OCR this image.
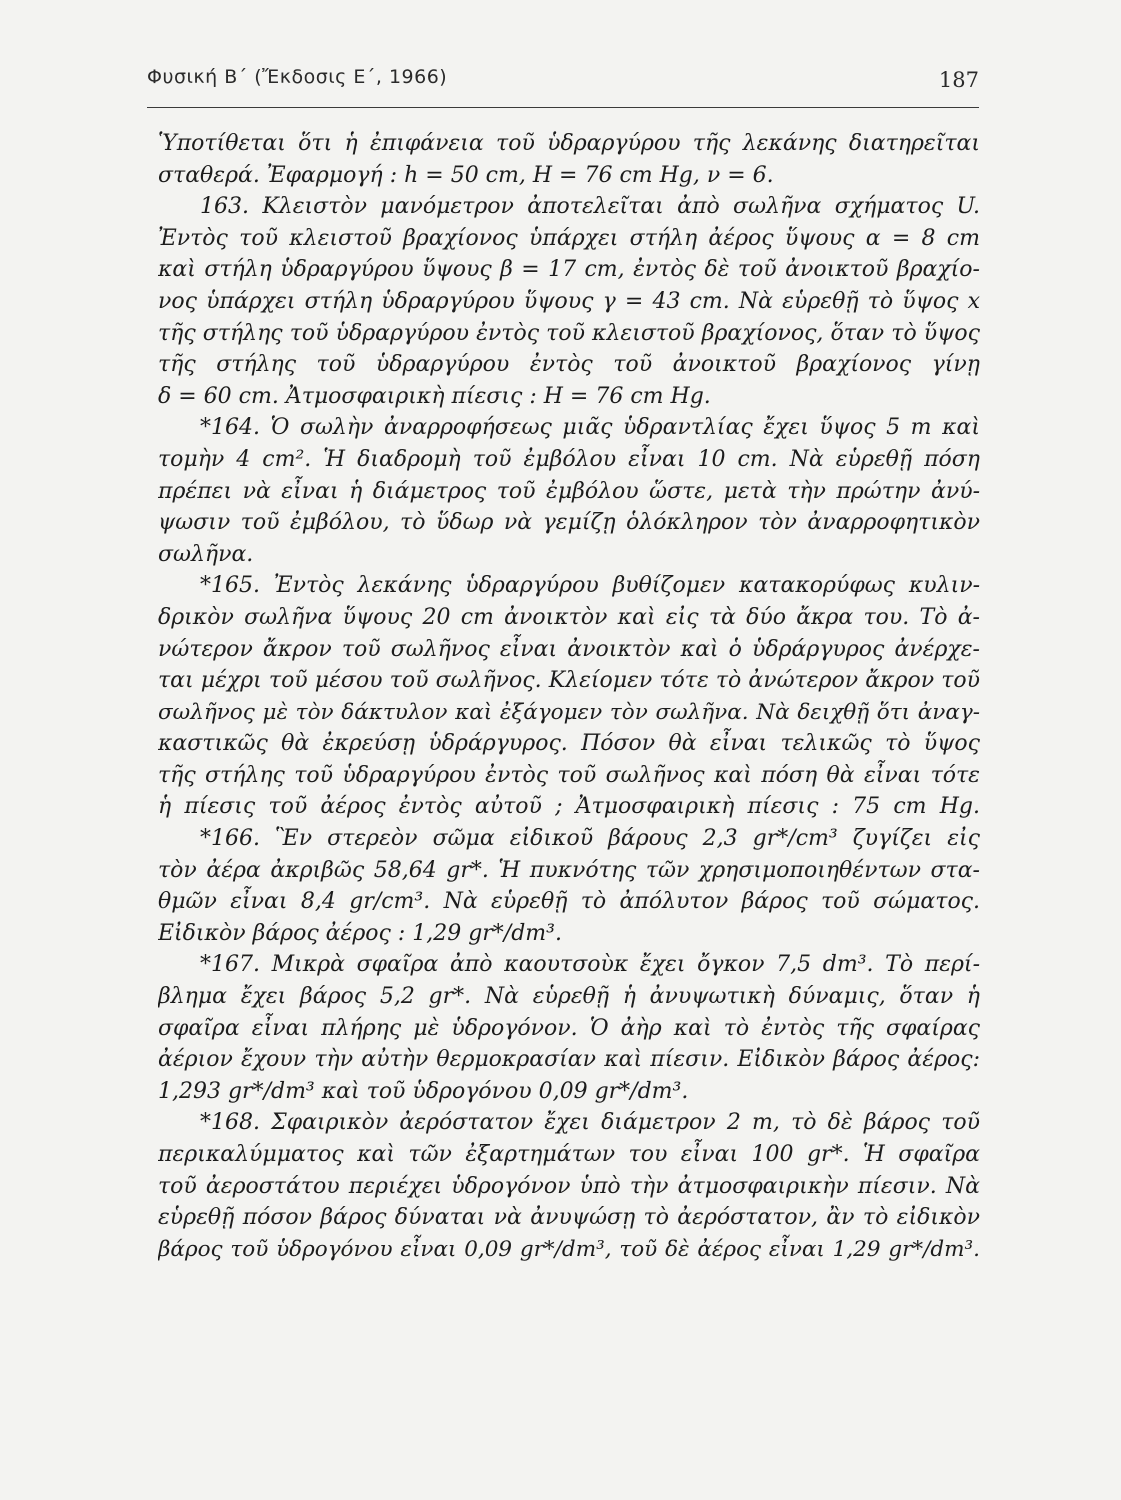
Φυσική Β΄ (Ἔκδοσις Ε΄, 1966)	187
Ὑποτίθεται ὅτι ἡ ἐπιφάνεια τοῦ ὑδραργύρου τῆς λεκάνης διατηρεῖται
σταθερά. Ἐφαρμογή : h = 50 cm, H = 76 cm Hg, ν = 6.
163. Κλειστὸν μανόμετρον ἀποτελεῖται ἀπὸ σωλῆνα σχήματος U.
Ἐντὸς τοῦ κλειστοῦ βραχίονος ὑπάρχει στήλη ἀέρος ὕψους α = 8 cm
καὶ στήλη ὑδραργύρου ὕψους β = 17 cm, ἐντὸς δὲ τοῦ ἀνοικτοῦ βραχίο-
νος ὑπάρχει στήλη ὑδραργύρου ὕψους γ = 43 cm. Νὰ εὑρεθῇ τὸ ὕψος x
τῆς στήλης τοῦ ὑδραργύρου ἐντὸς τοῦ κλειστοῦ βραχίονος, ὅταν τὸ ὕψος
τῆς στήλης τοῦ ὑδραργύρου ἐντὸς τοῦ ἀνοικτοῦ βραχίονος γίνῃ
δ = 60 cm. Ἀτμοσφαιρικὴ πίεσις : H = 76 cm Hg.
*164. Ὁ σωλὴν ἀναρροφήσεως μιᾶς ὑδραντλίας ἔχει ὕψος 5 m καὶ
τομὴν 4 cm². Ἡ διαδρομὴ τοῦ ἐμβόλου εἶναι 10 cm. Νὰ εὑρεθῇ πόση
πρέπει νὰ εἶναι ἡ διάμετρος τοῦ ἐμβόλου ὥστε, μετὰ τὴν πρώτην ἀνύ-
ψωσιν τοῦ ἐμβόλου, τὸ ὕδωρ νὰ γεμίζῃ ὁλόκληρον τὸν ἀναρροφητικὸν
σωλῆνα.
*165. Ἐντὸς λεκάνης ὑδραργύρου βυθίζομεν κατακορύφως κυλιν-
δρικὸν σωλῆνα ὕψους 20 cm ἀνοικτὸν καὶ εἰς τὰ δύο ἄκρα του. Τὸ ἀ-
νώτερον ἄκρον τοῦ σωλῆνος εἶναι ἀνοικτὸν καὶ ὁ ὑδράργυρος ἀνέρχε-
ται μέχρι τοῦ μέσου τοῦ σωλῆνος. Κλείομεν τότε τὸ ἀνώτερον ἄκρον τοῦ
σωλῆνος μὲ τὸν δάκτυλον καὶ ἐξάγομεν τὸν σωλῆνα. Νὰ δειχθῇ ὅτι ἀναγ-
καστικῶς θὰ ἐκρεύσῃ ὑδράργυρος. Πόσον θὰ εἶναι τελικῶς τὸ ὕψος
τῆς στήλης τοῦ ὑδραργύρου ἐντὸς τοῦ σωλῆνος καὶ πόση θὰ εἶναι τότε
ἡ πίεσις τοῦ ἀέρος ἐντὸς αὐτοῦ ; Ἀτμοσφαιρικὴ πίεσις : 75 cm Hg.
*166. Ἓν στερεὸν σῶμα εἰδικοῦ βάρους 2,3 gr*/cm³ ζυγίζει εἰς
τὸν ἀέρα ἀκριβῶς 58,64 gr*. Ἡ πυκνότης τῶν χρησιμοποιηθέντων στα-
θμῶν εἶναι 8,4 gr/cm³. Νὰ εὑρεθῇ τὸ ἀπόλυτον βάρος τοῦ σώματος.
Εἰδικὸν βάρος ἀέρος : 1,29 gr*/dm³.
*167. Μικρὰ σφαῖρα ἀπὸ καουτσοὺκ ἔχει ὄγκον 7,5 dm³. Τὸ περί-
βλημα ἔχει βάρος 5,2 gr*. Νὰ εὑρεθῇ ἡ ἀνυψωτικὴ δύναμις, ὅταν ἡ
σφαῖρα εἶναι πλήρης μὲ ὑδρογόνον. Ὁ ἀὴρ καὶ τὸ ἐντὸς τῆς σφαίρας
ἀέριον ἔχουν τὴν αὐτὴν θερμοκρασίαν καὶ πίεσιν. Εἰδικὸν βάρος ἀέρος:
1,293 gr*/dm³ καὶ τοῦ ὑδρογόνου 0,09 gr*/dm³.
*168. Σφαιρικὸν ἀερόστατον ἔχει διάμετρον 2 m, τὸ δὲ βάρος τοῦ
περικαλύμματος καὶ τῶν ἐξαρτημάτων του εἶναι 100 gr*. Ἡ σφαῖρα
τοῦ ἀεροστάτου περιέχει ὑδρογόνον ὑπὸ τὴν ἀτμοσφαιρικὴν πίεσιν. Νὰ
εὑρεθῇ πόσον βάρος δύναται νὰ ἀνυψώσῃ τὸ ἀερόστατον, ἂν τὸ εἰδικὸν
βάρος τοῦ ὑδρογόνου εἶναι 0,09 gr*/dm³, τοῦ δὲ ἀέρος εἶναι 1,29 gr*/dm³.
